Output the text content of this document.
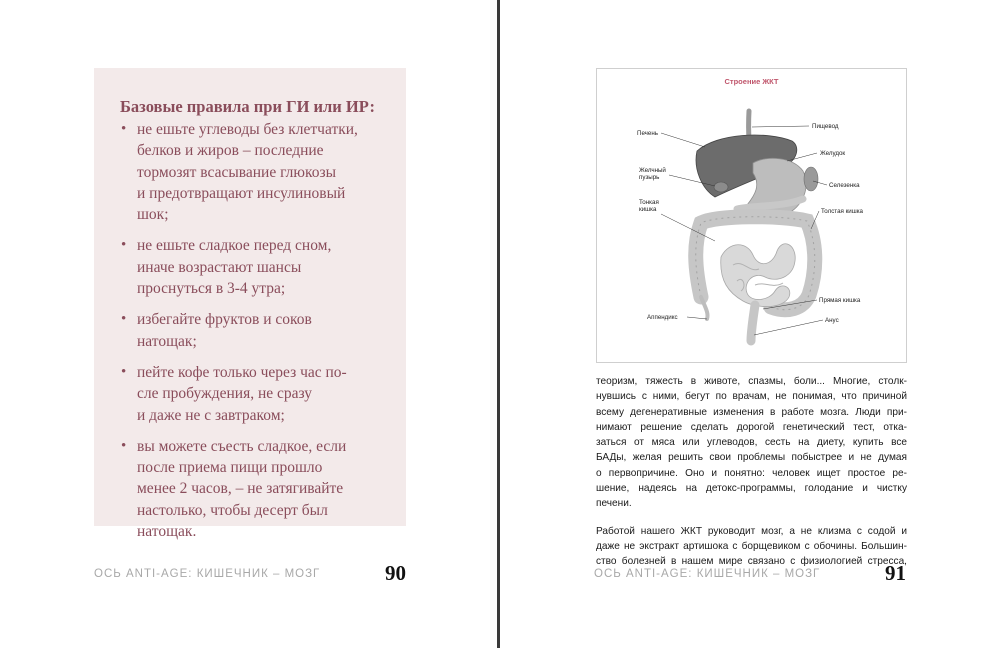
Базовые правила при ГИ или ИР:
• не ешьте углеводы без клетчатки,
белков и жиров – последние
тормозят всасывание глюкозы
и предотвращают инсулиновый
шок;
• не ешьте сладкое перед сном,
иначе возрастают шансы
проснуться в 3-4 утра;
• избегайте фруктов и соков
натощак;
• пейте кофе только через час по-
сле пробуждения, не сразу
и даже не с завтраком;
• вы можете съесть сладкое, если
после приема пищи прошло
менее 2 часов, – не затягивайте
настолько, чтобы десерт был
натощак.
ОСЬ ANTI-AGE: КИШЕЧНИК – МОЗГ	90
Строение ЖКТ
Пищевод
Печень
Желудок
Желчный
пузырь
Селезенка
Тонкая
кишка	Толстая кишка
Прямая кишка
Аппендикс	Анус

теоризм, тяжесть в животе, спазмы, боли... Многие, столк-
нувшись с ними, бегут по врачам, не понимая, что причиной
всему дегенеративные изменения в работе мозга. Люди при-
нимают решение сделать дорогой генетический тест, отка-
заться от мяса или углеводов, сесть на диету, купить все
БАДы, желая решить свои проблемы побыстрее и не думая
о первопричине. Оно и понятно: человек ищет простое ре-
шение, надеясь на детокс-программы, голодание и чистку
печени.

Работой нашего ЖКТ руководит мозг, а не клизма с содой и
даже не экстракт артишока с борщевиком с обочины. Большин-
ство болезней в нашем мире связано с физиологией стресса,

ОСЬ ANTI-AGE: КИШЕЧНИК – МОЗГ	91
